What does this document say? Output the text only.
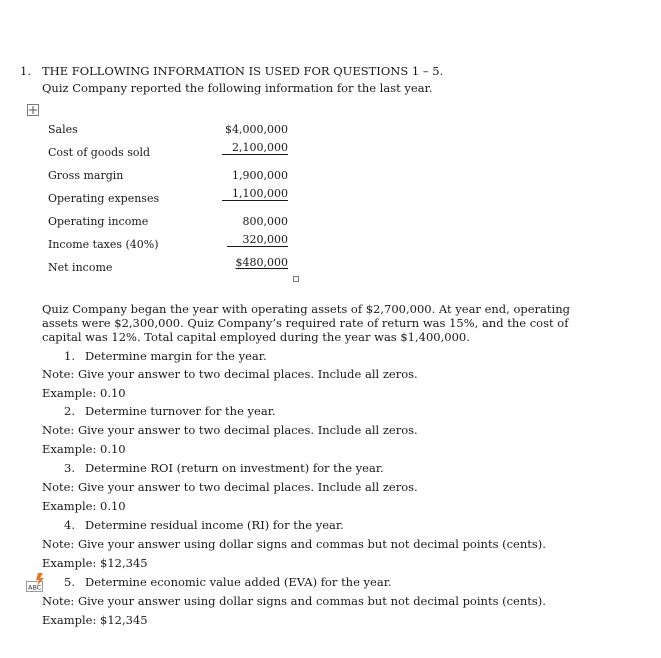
1. THE FOLLOWING INFORMATION IS USED FOR QUESTIONS 1 – 5.
Quiz Company reported the following information for the last year.
Sales	$4,000,000
Cost of goods sold	2,100,000
Gross margin	1,900,000
Operating expenses	1,100,000
Operating income	800,000
Income taxes (40%)	320,000
Net income	$480,000
Quiz Company began the year with operating assets of $2,700,000. At year end, operating assets were $2,300,000. Quiz Company’s required rate of return was 15%, and the cost of capital was 12%. Total capital employed during the year was $1,400,000.
1. Determine margin for the year.
Note: Give your answer to two decimal places. Include all zeros.
Example: 0.10
2. Determine turnover for the year.
Note: Give your answer to two decimal places. Include all zeros.
Example: 0.10
3. Determine ROI (return on investment) for the year.
Note: Give your answer to two decimal places. Include all zeros.
Example: 0.10
4. Determine residual income (RI) for the year.
Note: Give your answer using dollar signs and commas but not decimal points (cents).
Example: $12,345
ABC 5. Determine economic value added (EVA) for the year.
Note: Give your answer using dollar signs and commas but not decimal points (cents).
Example: $12,345
